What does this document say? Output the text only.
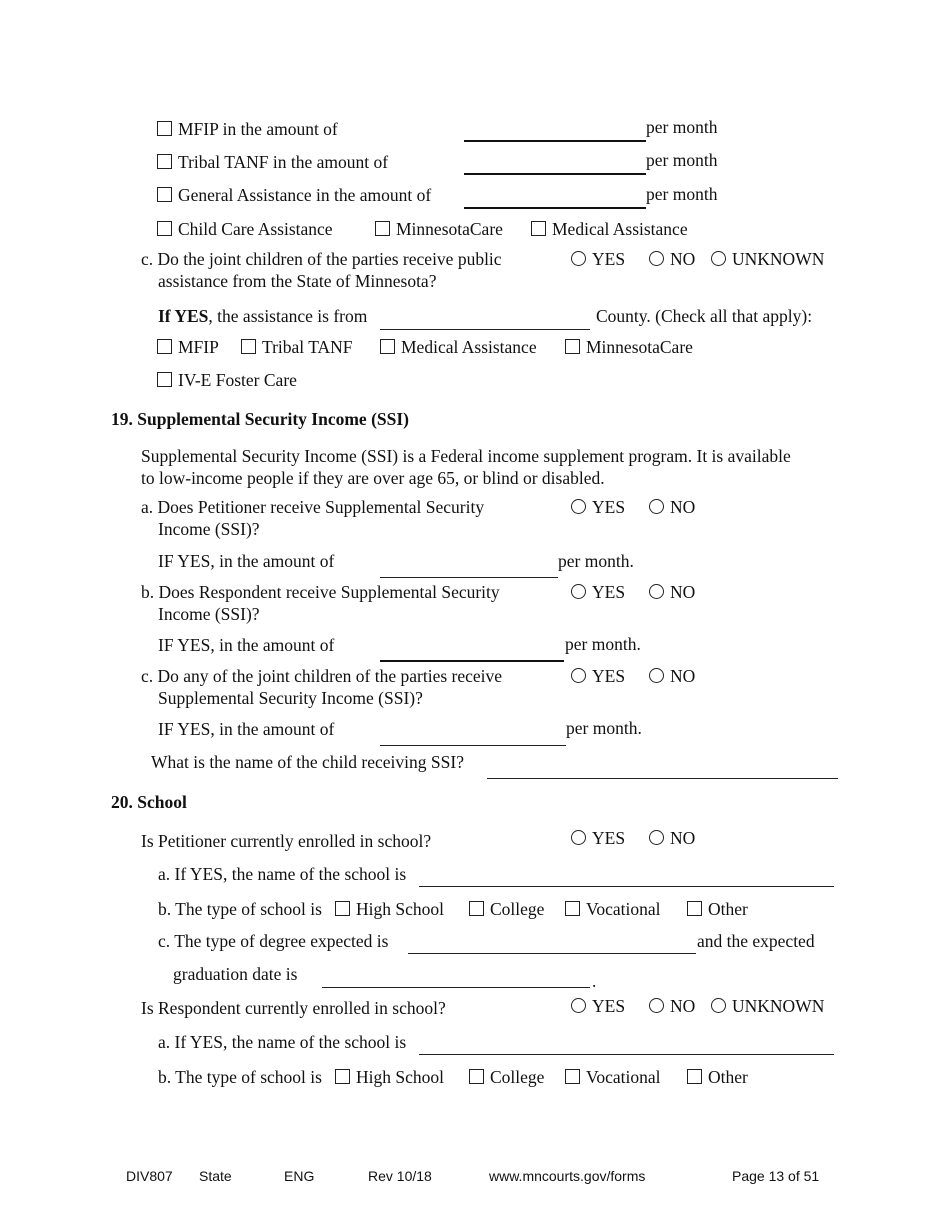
MFIP in the amount of	per month
Tribal TANF in the amount of	per month
General Assistance in the amount of	per month
Child Care Assistance	MinnesotaCare	Medical Assistance
c. Do the joint children of the parties receive public
assistance from the State of Minnesota?
YES	NO	UNKNOWN
If YES, the assistance is from	County. (Check all that apply):
MFIP	Tribal TANF	Medical Assistance	MinnesotaCare
IV-E Foster Care
19. Supplemental Security Income (SSI)
Supplemental Security Income (SSI) is a Federal income supplement program. It is available
to low-income people if they are over age 65, or blind or disabled.
a. Does Petitioner receive Supplemental Security
Income (SSI)?
YES	NO
IF YES, in the amount of	per month.
b. Does Respondent receive Supplemental Security
Income (SSI)?
YES	NO
IF YES, in the amount of	per month.
c. Do any of the joint children of the parties receive
Supplemental Security Income (SSI)?
YES	NO
IF YES, in the amount of	per month.
What is the name of the child receiving SSI?
20. School
Is Petitioner currently enrolled in school?	YES	NO
a. If YES, the name of the school is
b. The type of school is	High School	College	Vocational	Other
c. The type of degree expected is	and the expected
graduation date is	.
Is Respondent currently enrolled in school?	YES	NO	UNKNOWN
a. If YES, the name of the school is
b. The type of school is	High School	College	Vocational	Other
DIV807 State	ENG	Rev 10/18	www.mncourts.gov/forms	Page 13 of 51
